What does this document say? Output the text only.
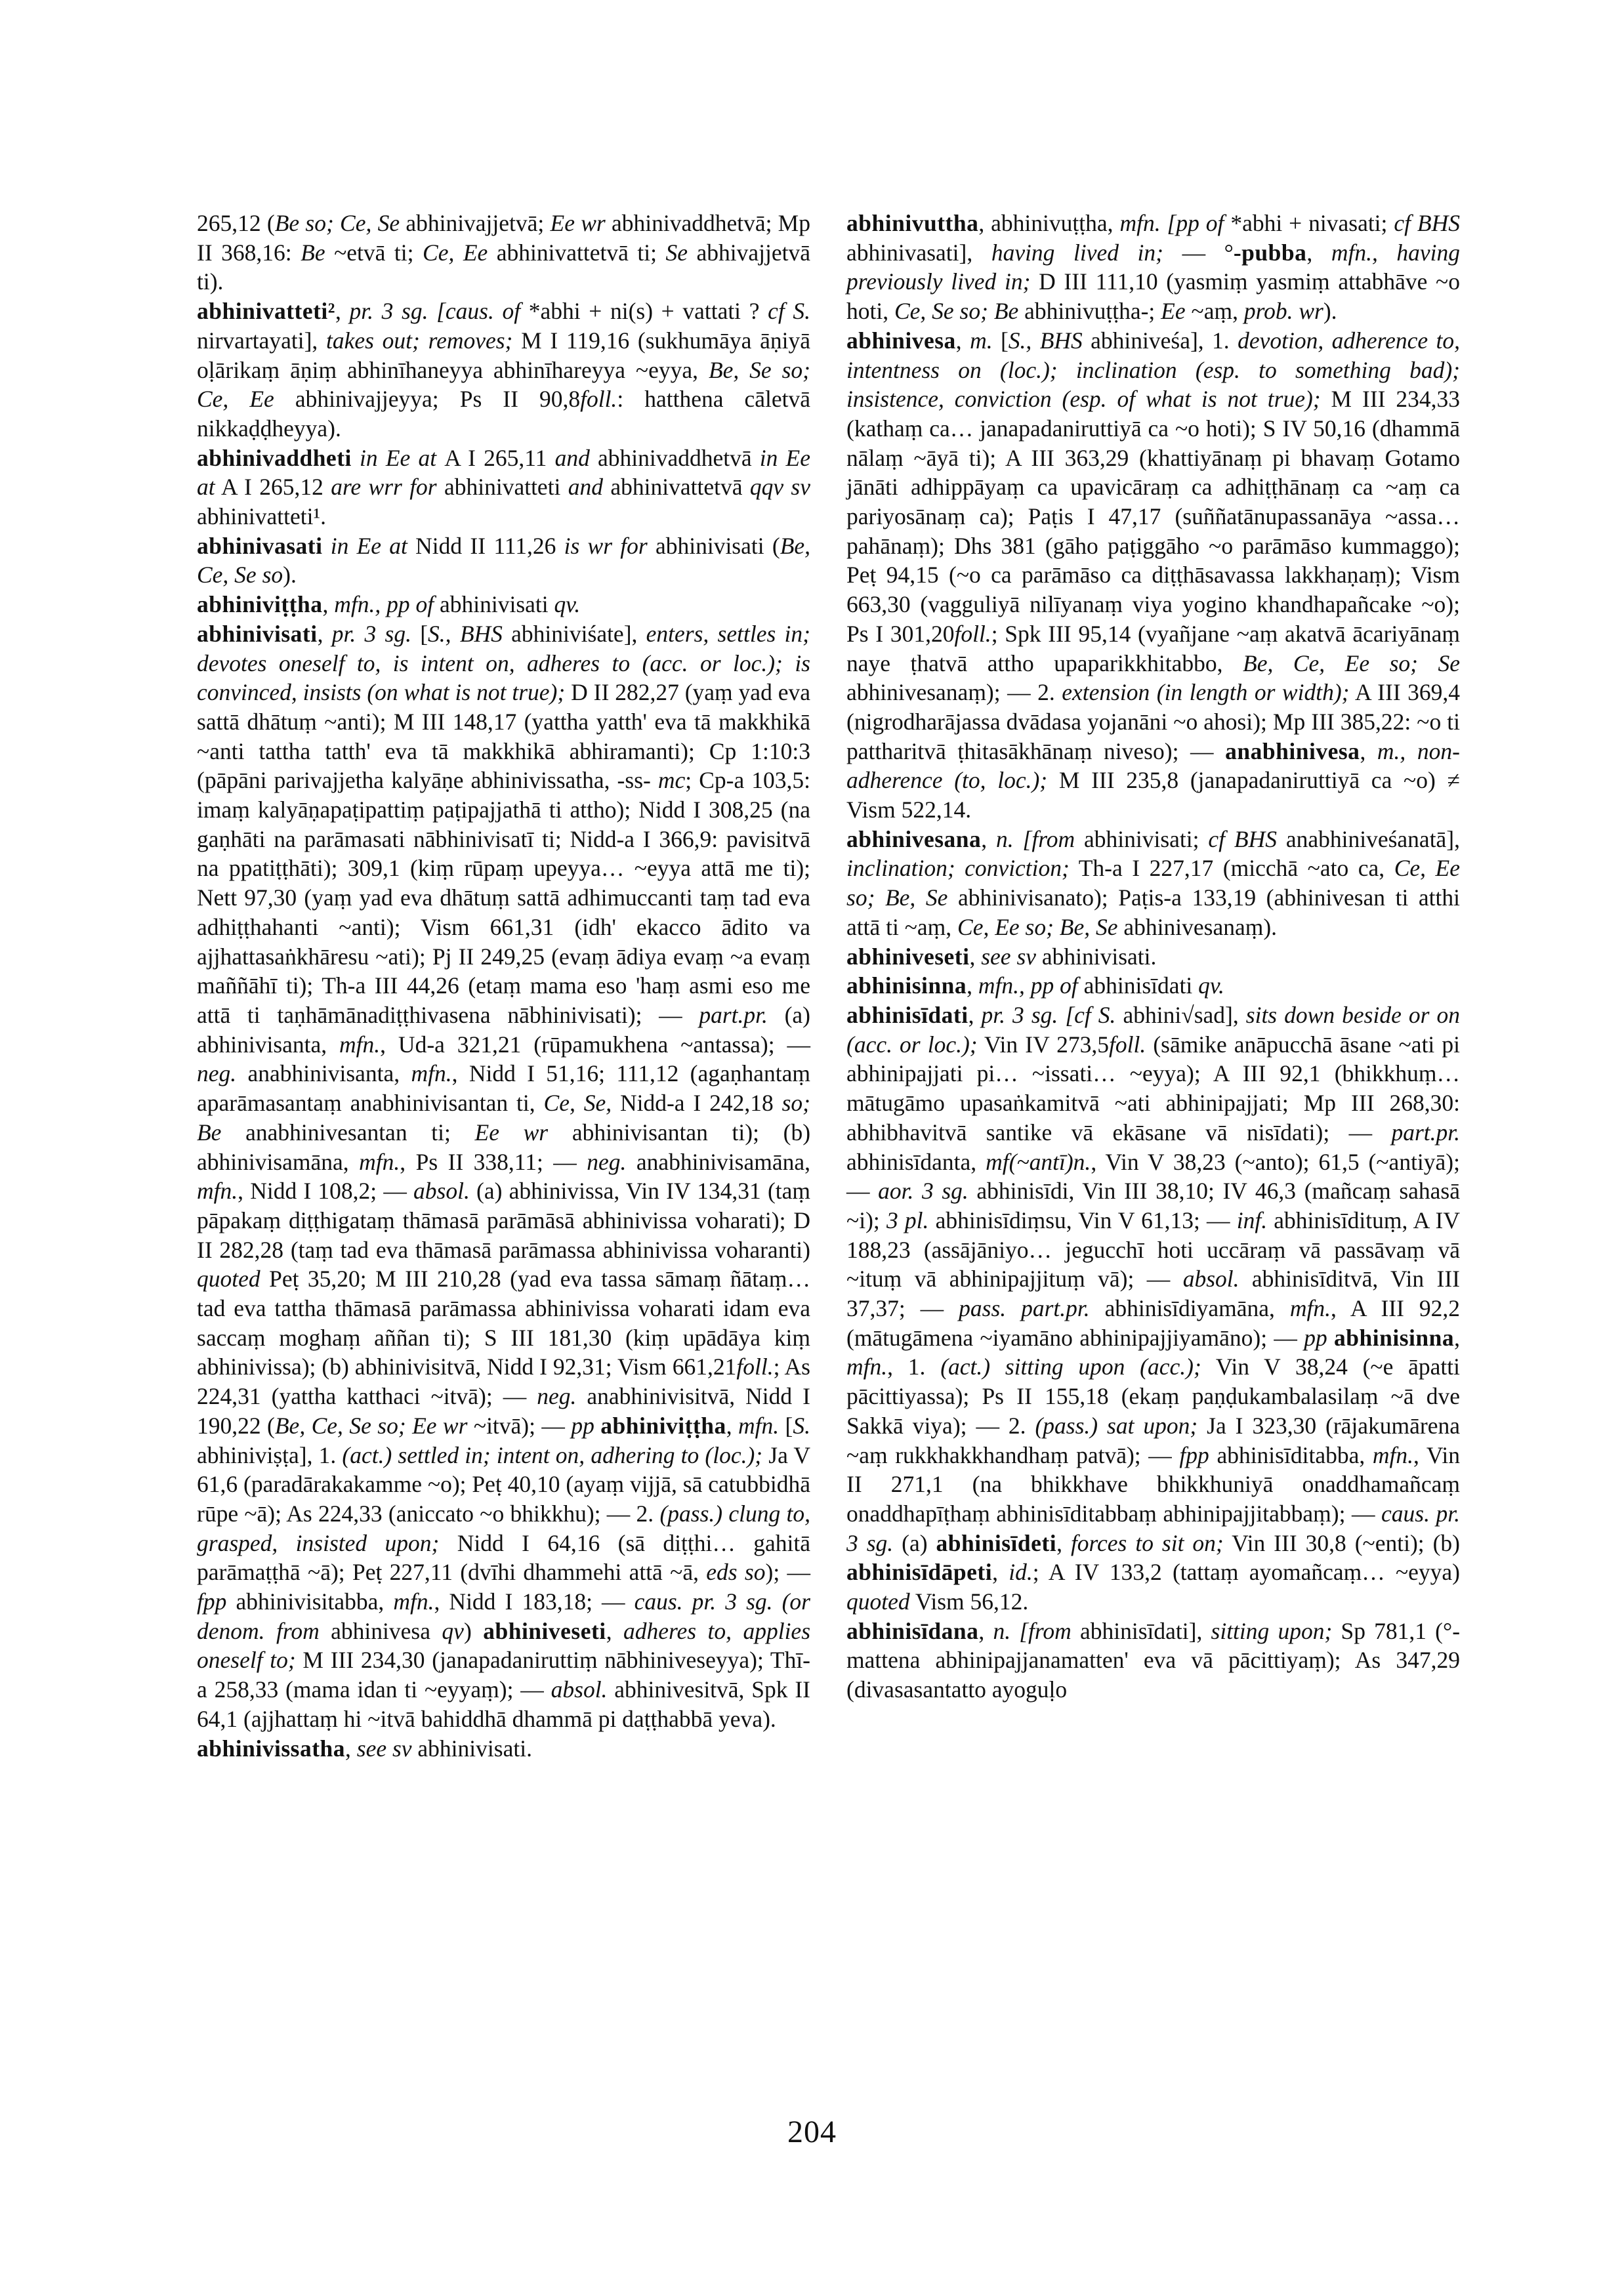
265,12 (Be so; Ce, Se abhinivajjetvā; Ee wr abhinivaddhetvā; Mp II 368,16: Be ~etvā ti; Ce, Ee abhinivattetvā ti; Se abhivajjetvā ti).

abhinivatteti², pr. 3 sg. [caus. of *abhi + ni(s) + vattati ? cf S. nirvartayati], takes out; removes; M I 119,16 (sukhumāya āṇiyā oḷārikaṃ āṇiṃ abhinīhaneyya abhinīhareyya ~eyya, Be, Se so; Ce, Ee abhinivajjeyya; Ps II 90,8foll.: hatthena cāletvā nikkaḍḍheyya).

abhinivaddheti in Ee at A I 265,11 and abhinivaddhetvā in Ee at A I 265,12 are wrr for abhinivatteti and abhinivattetvā qqv sv abhinivatteti¹.

abhinivasati in Ee at Nidd II 111,26 is wr for abhinivisati (Be, Ce, Se so).

abhiniviṭṭha, mfn., pp of abhinivisati qv.

abhinivisati, pr. 3 sg. [S., BHS abhiniviśate], enters, settles in; devotes oneself to, is intent on, adheres to (acc. or loc.); is convinced, insists (on what is not true); D II 282,27 (yaṃ yad eva sattā dhātuṃ ~anti); M III 148,17 (yattha yatth' eva tā makkhikā ~anti tattha tatth' eva tā makkhikā abhiramanti); Cp 1:10:3 (pāpāni parivajjetha kalyāṇe abhinivissatha, -ss- mc; Cp-a 103,5: imaṃ kalyāṇapaṭipattiṃ paṭipajjathā ti attho); Nidd I 308,25 (na gaṇhāti na parāmasati nābhinivisatī ti; Nidd-a I 366,9: pavisitvā na ppatiṭṭhāti); 309,1 (kiṃ rūpaṃ upeyya… ~eyya attā me ti); Nett 97,30 (yaṃ yad eva dhātuṃ sattā adhimuccanti taṃ tad eva adhiṭṭhahanti ~anti); Vism 661,31 (idh' ekacco ādito va ajjhattasaṅkhāresu ~ati); Pj II 249,25 (evaṃ ādiya evaṃ ~a evaṃ maññāhī ti); Th-a III 44,26 (etaṃ mama eso 'haṃ asmi eso me attā ti taṇhāmānadiṭṭhivasena nābhinivisati); — part.pr. (a) abhinivisanta, mfn., Ud-a 321,21 (rūpamukhena ~antassa); — neg. anabhinivisanta, mfn., Nidd I 51,16; 111,12 (agaṇhantaṃ aparāmasantaṃ anabhinivisantan ti, Ce, Se, Nidd-a I 242,18 so; Be anabhinivesantan ti; Ee wr abhinivisantan ti); (b) abhinivisamāna, mfn., Ps II 338,11; — neg. anabhinivisamāna, mfn., Nidd I 108,2; — absol. (a) abhinivissa, Vin IV 134,31 (taṃ pāpakaṃ diṭṭhigataṃ thāmasā parāmāsā abhinivissa voharati); D II 282,28 (taṃ tad eva thāmasā parāmassa abhinivissa voharanti) quoted Peṭ 35,20; M III 210,28 (yad eva tassa sāmaṃ ñātaṃ… tad eva tattha thāmasā parāmassa abhinivissa voharati idam eva saccaṃ moghaṃ aññan ti); S III 181,30 (kiṃ upādāya kiṃ abhinivissa); (b) abhinivisitvā, Nidd I 92,31; Vism 661,21foll.; As 224,31 (yattha katthaci ~itvā); — neg. anabhinivisitvā, Nidd I 190,22 (Be, Ce, Se so; Ee wr ~itvā); — pp abhiniviṭṭha, mfn. [S. abhiniviṣṭa], 1. (act.) settled in; intent on, adhering to (loc.); Ja V 61,6 (paradārakakamme ~o); Peṭ 40,10 (ayaṃ vijjā, sā catubbidhā rūpe ~ā); As 224,33 (aniccato ~o bhikkhu); — 2. (pass.) clung to, grasped, insisted upon; Nidd I 64,16 (sā diṭṭhi… gahitā parāmaṭṭhā ~ā); Peṭ 227,11 (dvīhi dhammehi attā ~ā, eds so); — fpp abhinivisitabba, mfn., Nidd I 183,18; — caus. pr. 3 sg. (or denom. from abhinivesa qv) abhiniveseti, adheres to, applies oneself to; M III 234,30 (janapadaniruttiṃ nābhiniveseyya); Thī-a 258,33 (mama idan ti ~eyyaṃ); — absol. abhinivesitvā, Spk II 64,1 (ajjhattaṃ hi ~itvā bahiddhā dhammā pi daṭṭhabbā yeva).

abhinivissatha, see sv abhinivisati.

abhinivuttha, abhinivuṭṭha, mfn. [pp of *abhi + nivasati; cf BHS abhinivasati], having lived in; — °-pubba, mfn., having previously lived in; D III 111,10 (yasmiṃ yasmiṃ attabhāve ~o hoti, Ce, Se so; Be abhinivuṭṭha-; Ee ~aṃ, prob. wr).

abhinivesa, m. [S., BHS abhiniveśa], 1. devotion, adherence to, intentness on (loc.); inclination (esp. to something bad); insistence, conviction (esp. of what is not true); M III 234,33 (kathaṃ ca… janapadaniruttiyā ca ~o hoti); S IV 50,16 (dhammā nālaṃ ~āyā ti); A III 363,29 (khattiyānaṃ pi bhavaṃ Gotamo jānāti adhippāyaṃ ca upavicāraṃ ca adhiṭṭhānaṃ ca ~aṃ ca pariyosānaṃ ca); Paṭis I 47,17 (suññatānupassanāya ~assa… pahānaṃ); Dhs 381 (gāho paṭiggāho ~o parāmāso kummaggo); Peṭ 94,15 (~o ca parāmāso ca diṭṭhāsavassa lakkhaṇaṃ); Vism 663,30 (vagguliyā nilīyanaṃ viya yogino khandhapañcake ~o); Ps I 301,20foll.; Spk III 95,14 (vyañjane ~aṃ akatvā ācariyānaṃ naye ṭhatvā attho upaparikkhitabbo, Be, Ce, Ee so; Se abhinivesanaṃ); — 2. extension (in length or width); A III 369,4 (nigrodharājassa dvādasa yojanāni ~o ahosi); Mp III 385,22: ~o ti pattharitvā ṭhitasākhānaṃ niveso); — anabhinivesa, m., non-adherence (to, loc.); M III 235,8 (janapadaniruttiyā ca ~o) ≠ Vism 522,14.

abhinivesana, n. [from abhinivisati; cf BHS anabhiniveśanatā], inclination; conviction; Th-a I 227,17 (micchā ~ato ca, Ce, Ee so; Be, Se abhinivisanato); Paṭis-a 133,19 (abhinivesan ti atthi attā ti ~aṃ, Ce, Ee so; Be, Se abhinivesanaṃ).

abhiniveseti, see sv abhinivisati.

abhinisinna, mfn., pp of abhinisīdati qv.

abhinisīdati, pr. 3 sg. [cf S. abhini√sad], sits down beside or on (acc. or loc.); Vin IV 273,5foll. (sāmike anāpucchā āsane ~ati pi abhinipajjati pi… ~issati… ~eyya); A III 92,1 (bhikkhuṃ… mātugāmo upasaṅkamitvā ~ati abhinipajjati; Mp III 268,30: abhibhavitvā santike vā ekāsane vā nisīdati); — part.pr. abhinisīdanta, mf(~antī)n., Vin V 38,23 (~anto); 61,5 (~antiyā); — aor. 3 sg. abhinisīdi, Vin III 38,10; IV 46,3 (mañcaṃ sahasā ~i); 3 pl. abhinisīdiṃsu, Vin V 61,13; — inf. abhinisīdituṃ, A IV 188,23 (assājāniyo… jegucchī hoti uccāraṃ vā passāvaṃ vā ~ituṃ vā abhinipajjituṃ vā); — absol. abhinisīditvā, Vin III 37,37; — pass. part.pr. abhinisīdiyamāna, mfn., A III 92,2 (mātugāmena ~iyamāno abhinipajjiyamāno); — pp abhinisinna, mfn., 1. (act.) sitting upon (acc.); Vin V 38,24 (~e āpatti pācittiyassa); Ps II 155,18 (ekaṃ paṇḍukambalasilaṃ ~ā dve Sakkā viya); — 2. (pass.) sat upon; Ja I 323,30 (rājakumārena ~aṃ rukkhakkhandhaṃ patvā); — fpp abhinisīditabba, mfn., Vin II 271,1 (na bhikkhave bhikkhuniyā onaddhamañcaṃ onaddhapīṭhaṃ abhinisīditabbaṃ abhinipajjitabbaṃ); — caus. pr. 3 sg. (a) abhinisīdeti, forces to sit on; Vin III 30,8 (~enti); (b) abhinisīdāpeti, id.; A IV 133,2 (tattaṃ ayomañcaṃ… ~eyya) quoted Vism 56,12.

abhinisīdana, n. [from abhinisīdati], sitting upon; Sp 781,1 (°-mattena abhinipajjanamatten' eva vā pācittiyaṃ); As 347,29 (divasasantatto ayoguḷo

204
